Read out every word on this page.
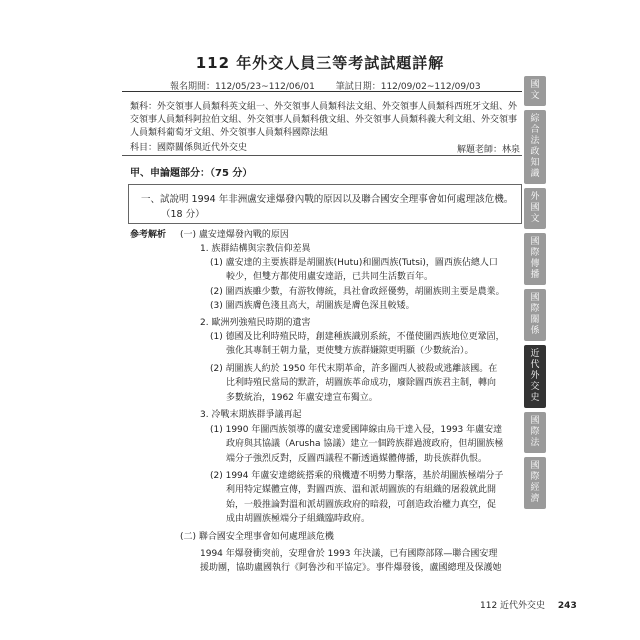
112 年外交人員三等考試試題詳解
報名期間：112/05/23~112/06/01 筆試日期：112/09/02~112/09/03
類科：外交領事人員類科英文組一、外交領事人員類科法文組、外交領事人員類科西班牙文組、外交領事人員類科阿拉伯文組、外交領事人員類科俄文組、外交領事人員類科義大利文組、外交領事人員類科葡萄牙文組、外交領事人員類科國際法組
科目：國際關係與近代外交史	解題老師：林泉
甲、申論題部分：（75 分）
一、試說明 1994 年非洲盧安達爆發內戰的原因以及聯合國安全理事會如何處理該危機。
（18 分）
參考解析 (一) 盧安達爆發內戰的原因
1. 族群結構與宗教信仰差異
(1) 盧安達的主要族群是胡圖族(Hutu)和圖西族(Tutsi)，圖西族佔總人口
較少，但雙方都使用盧安達語，已共同生活數百年。
(2) 圖西族雖少數，有游牧傳統，具社會政經優勢，胡圖族則主要是農業。
(3) 圖西族膚色淺且高大，胡圖族是膚色深且較矮。
2. 歐洲列強殖民時期的遺害
(1) 德國及比利時殖民時，創建種族識別系統，不僅使圖西族地位更鞏固，
強化其專制王朝力量，更使雙方族群嫌隙更明顯（少數統治）。
(2) 胡圖族人約於 1950 年代末期革命，許多圖西人被殺或逃離該國。在
比利時殖民當局的默許，胡圖族革命成功，廢除圖西族君主制，轉向
多數統治，1962 年盧安達宣布獨立。
3. 冷戰末期族群爭議再起
(1) 1990 年圖西族領導的盧安達愛國陣線由烏干達入侵，1993 年盧安達
政府與其協議（Arusha 協議）建立一個跨族群過渡政府，但胡圖族極
端分子強烈反對，反圖西議程不斷透過媒體傳播，助長族群仇恨。
(2) 1994 年盧安達總統搭乘的飛機遭不明勢力擊落，基於胡圖族極端分子
利用特定媒體宣傳，對圖西族、溫和派胡圖族的有組織的屠殺就此開
始，一般推論對溫和派胡圖族政府的暗殺，可創造政治權力真空，促
成由胡圖族極端分子組織臨時政府。
(二) 聯合國安全理事會如何處理該危機
1994 年爆發衝突前，安理會於 1993 年決議，已有國際部隊—聯合國安理
援助團，協助盧國執行《阿魯沙和平協定》。事件爆發後，盧國總理及保護她
112 近代外交史 243
國
文
綜
合
法
政
知
識
外
國
文
國
際
傳
播
國
際
關
係
近
代
外
交
史
國
際
法
國
際
經
濟
